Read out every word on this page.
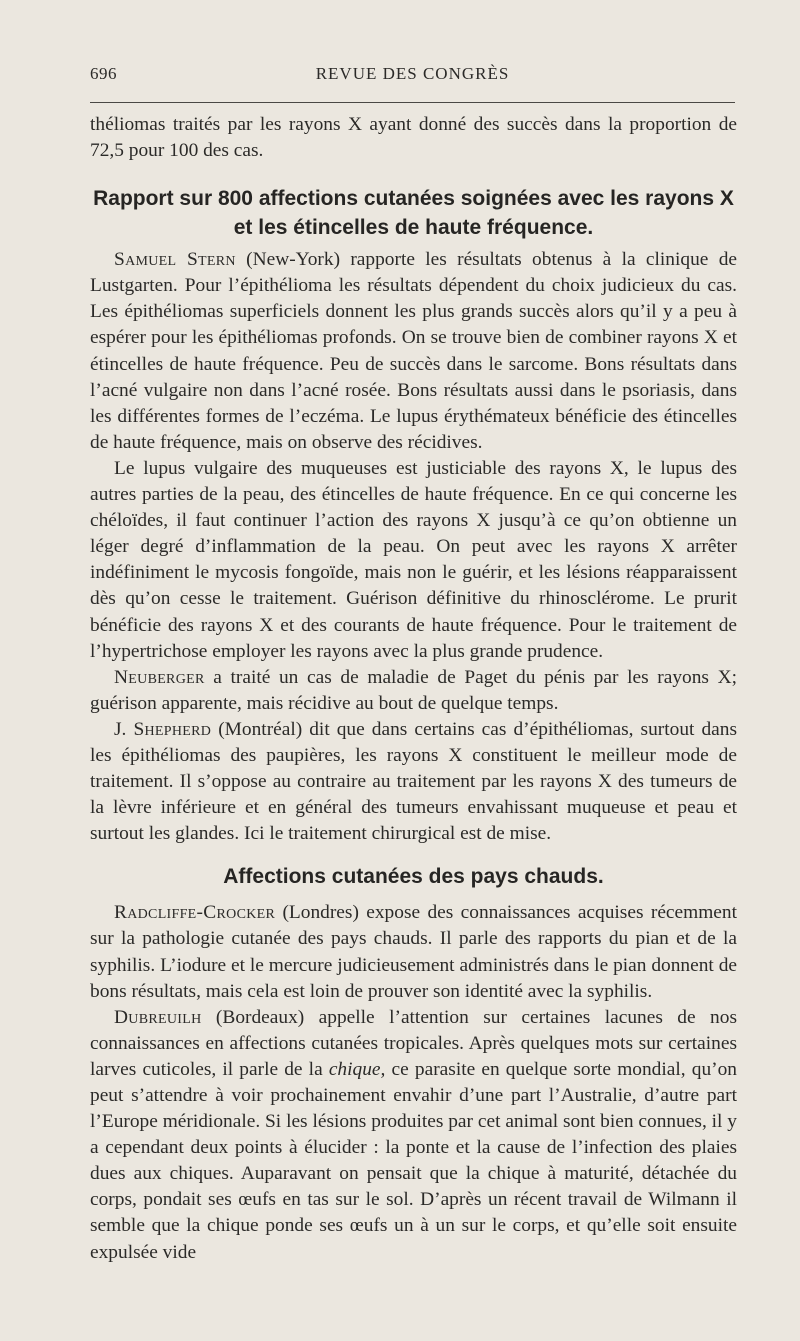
696	REVUE DES CONGRÈS

théliomas traités par les rayons X ayant donné des succès dans la proportion de 72,5 pour 100 des cas.

Rapport sur 800 affections cutanées soignées avec les rayons X et les étincelles de haute fréquence.

Samuel Stern (New-York) rapporte les résultats obtenus à la clinique de Lustgarten. Pour l’épithélioma les résultats dépendent du choix judicieux du cas. Les épithéliomas superficiels donnent les plus grands succès alors qu’il y a peu à espérer pour les épithéliomas profonds. On se trouve bien de combiner rayons X et étincelles de haute fréquence. Peu de succès dans le sarcome. Bons résultats dans l’acné vulgaire non dans l’acné rosée. Bons résultats aussi dans le psoriasis, dans les différentes formes de l’eczéma. Le lupus érythémateux bénéficie des étincelles de haute fréquence, mais on observe des récidives.

Le lupus vulgaire des muqueuses est justiciable des rayons X, le lupus des autres parties de la peau, des étincelles de haute fréquence. En ce qui concerne les chéloïdes, il faut continuer l’action des rayons X jusqu’à ce qu’on obtienne un léger degré d’inflammation de la peau. On peut avec les rayons X arrêter indéfiniment le mycosis fongoïde, mais non le guérir, et les lésions réapparaissent dès qu’on cesse le traitement. Guérison définitive du rhinosclérome. Le prurit bénéficie des rayons X et des courants de haute fréquence. Pour le traitement de l’hypertrichose employer les rayons avec la plus grande prudence.

Neuberger a traité un cas de maladie de Paget du pénis par les rayons X; guérison apparente, mais récidive au bout de quelque temps.

J. Shepherd (Montréal) dit que dans certains cas d’épithéliomas, surtout dans les épithéliomas des paupières, les rayons X constituent le meilleur mode de traitement. Il s’oppose au contraire au traitement par les rayons X des tumeurs de la lèvre inférieure et en général des tumeurs envahissant muqueuse et peau et surtout les glandes. Ici le traitement chirurgical est de mise.

Affections cutanées des pays chauds.

Radcliffe-Crocker (Londres) expose des connaissances acquises récemment sur la pathologie cutanée des pays chauds. Il parle des rapports du pian et de la syphilis. L’iodure et le mercure judicieusement administrés dans le pian donnent de bons résultats, mais cela est loin de prouver son identité avec la syphilis.

Dubreuilh (Bordeaux) appelle l’attention sur certaines lacunes de nos connaissances en affections cutanées tropicales. Après quelques mots sur certaines larves cuticoles, il parle de la chique, ce parasite en quelque sorte mondial, qu’on peut s’attendre à voir prochainement envahir d’une part l’Australie, d’autre part l’Europe méridionale. Si les lésions produites par cet animal sont bien connues, il y a cependant deux points à élucider : la ponte et la cause de l’infection des plaies dues aux chiques. Auparavant on pensait que la chique à maturité, détachée du corps, pondait ses œufs en tas sur le sol. D’après un récent travail de Wilmann il semble que la chique ponde ses œufs un à un sur le corps, et qu’elle soit ensuite expulsée vide
